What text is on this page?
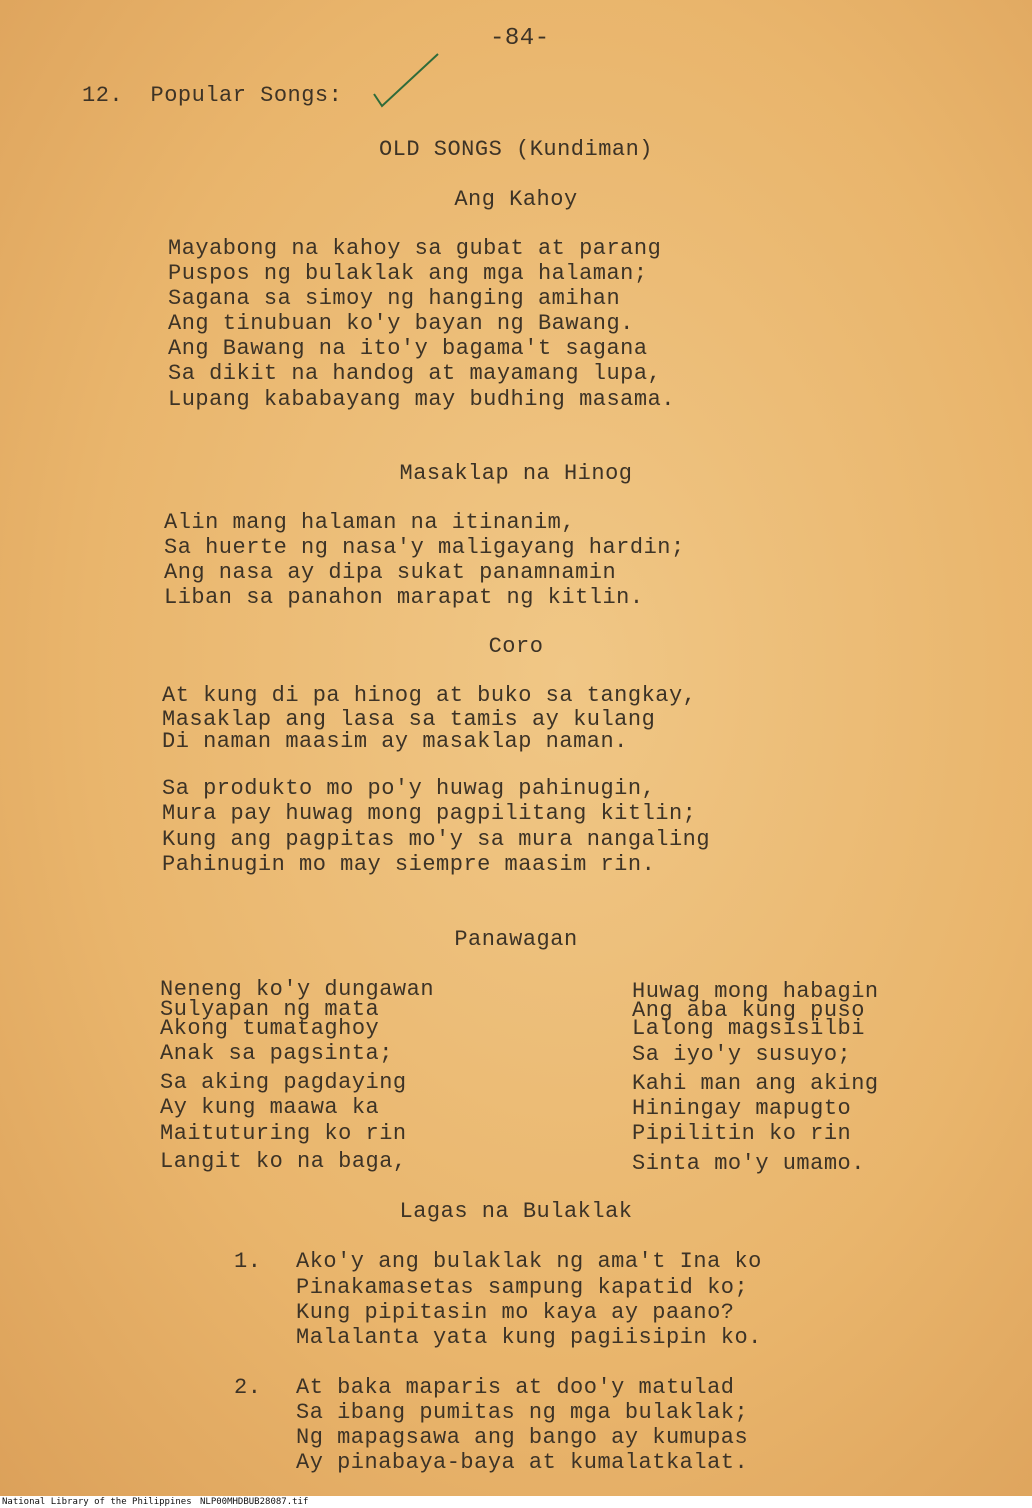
-84-
12.  Popular Songs:
OLD SONGS (Kundiman)
Ang Kahoy
Mayabong na kahoy sa gubat at parang
Puspos ng bulaklak ang mga halaman;
Sagana sa simoy ng hanging amihan
Ang tinubuan ko'y bayan ng Bawang.
Ang Bawang na ito'y bagama't sagana
Sa dikit na handog at mayamang lupa,
Lupang kababayang may budhing masama.
Masaklap na Hinog
Alin mang halaman na itinanim,
Sa huerte ng nasa'y maligayang hardin;
Ang nasa ay dipa sukat panamnamin
Liban sa panahon marapat ng kitlin.
Coro
At kung di pa hinog at buko sa tangkay,
Masaklap ang lasa sa tamis ay kulang
Di naman maasim ay masaklap naman.
Sa produkto mo po'y huwag pahinugin,
Mura pay huwag mong pagpilitang kitlin;
Kung ang pagpitas mo'y sa mura nangaling
Pahinugin mo may siempre maasim rin.
Panawagan
Neneng ko'y dungawan
Sulyapan ng mata
Akong tumataghoy
Anak sa pagsinta;
Sa aking pagdaying
Ay kung maawa ka
Maituturing ko rin
Langit ko na baga,
Huwag mong habagin
Ang aba kung puso
Lalong magsisilbi
Sa iyo'y susuyo;
Kahi man ang aking
Hiningay mapugto
Pipilitin ko rin
Sinta mo'y umamo.
Lagas na Bulaklak
1. Ako'y ang bulaklak ng ama't Ina ko
Pinakamasetas sampung kapatid ko;
Kung pipitasin mo kaya ay paano?
Malalanta yata kung pagiisipin ko.
2. At baka maparis at doo'y matulad
Sa ibang pumitas ng mga bulaklak;
Ng mapagsawa ang bango ay kumupas
Ay pinabaya-baya at kumalatkalat.
National Library of the Philippines NLP00MHDBUB28087.tif
